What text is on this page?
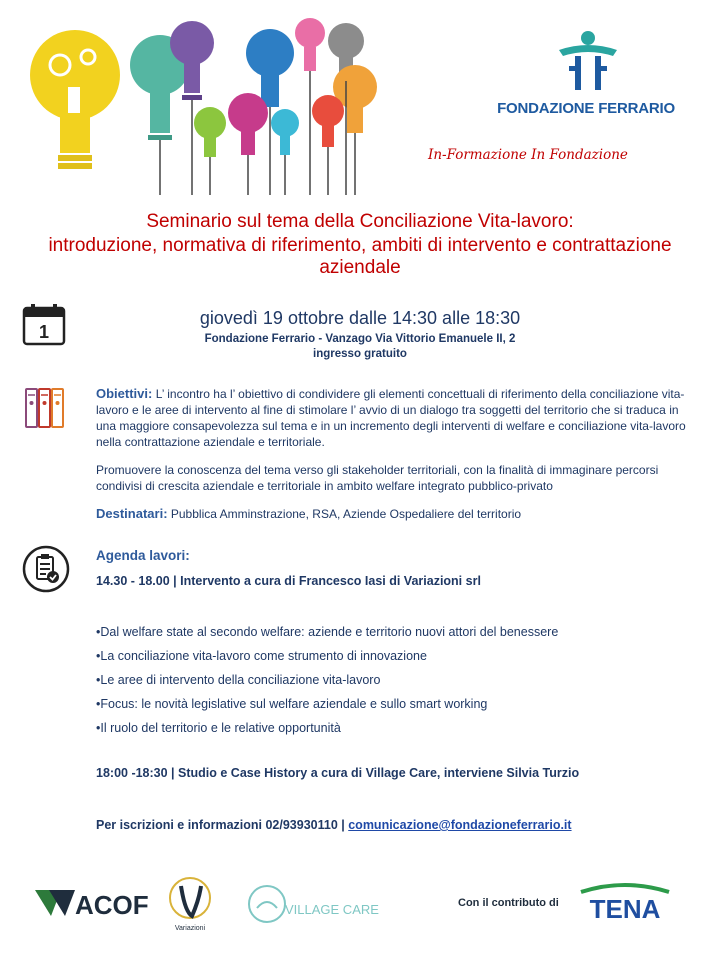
FONDAZIONE FERRARIO
In-Formazione In Fondazione
Seminario sul tema della Conciliazione Vita-lavoro:
introduzione, normativa di riferimento, ambiti di intervento e contrattazione
aziendale
1
giovedì 19 ottobre dalle 14:30 alle 18:30
Fondazione Ferrario - Vanzago Via Vittorio Emanuele II, 2
ingresso gratuito
Obiettivi: L’ incontro ha l’ obiettivo di condividere gli elementi concettuali di riferimento della conciliazione vita-lavoro e le aree di intervento al fine di stimolare l’ avvio di un dialogo tra soggetti del territorio che si traduca in una maggiore consapevolezza sul tema e in un incremento degli interventi di welfare e conciliazione vita-lavoro nella contrattazione aziendale e territoriale.
Promuovere la conoscenza del tema verso gli stakeholder territoriali, con la finalità di immaginare percorsi condivisi di crescita aziendale e territoriale in ambito welfare integrato pubblico-privato
Destinatari: Pubblica Amminstrazione, RSA, Aziende Ospedaliere del territorio
Agenda lavori:
14.30 - 18.00 | Intervento a cura di Francesco Iasi di Variazioni srl
•Dal welfare state al secondo welfare: aziende e territorio nuovi attori del benessere
•La conciliazione vita-lavoro come strumento di innovazione
•Le aree di intervento della conciliazione vita-lavoro
•Focus: le novità legislative sul welfare aziendale e sullo smart working
•Il ruolo del territorio e le relative opportunità
18:00 -18:30 | Studio e Case History a cura di Village Care, interviene Silvia Turzio
Per iscrizioni e informazioni 02/93930110 | comunicazione@fondazioneferrario.it
ACOF
Variazioni
VILLAGE CARE	Con il contributo di TENA
